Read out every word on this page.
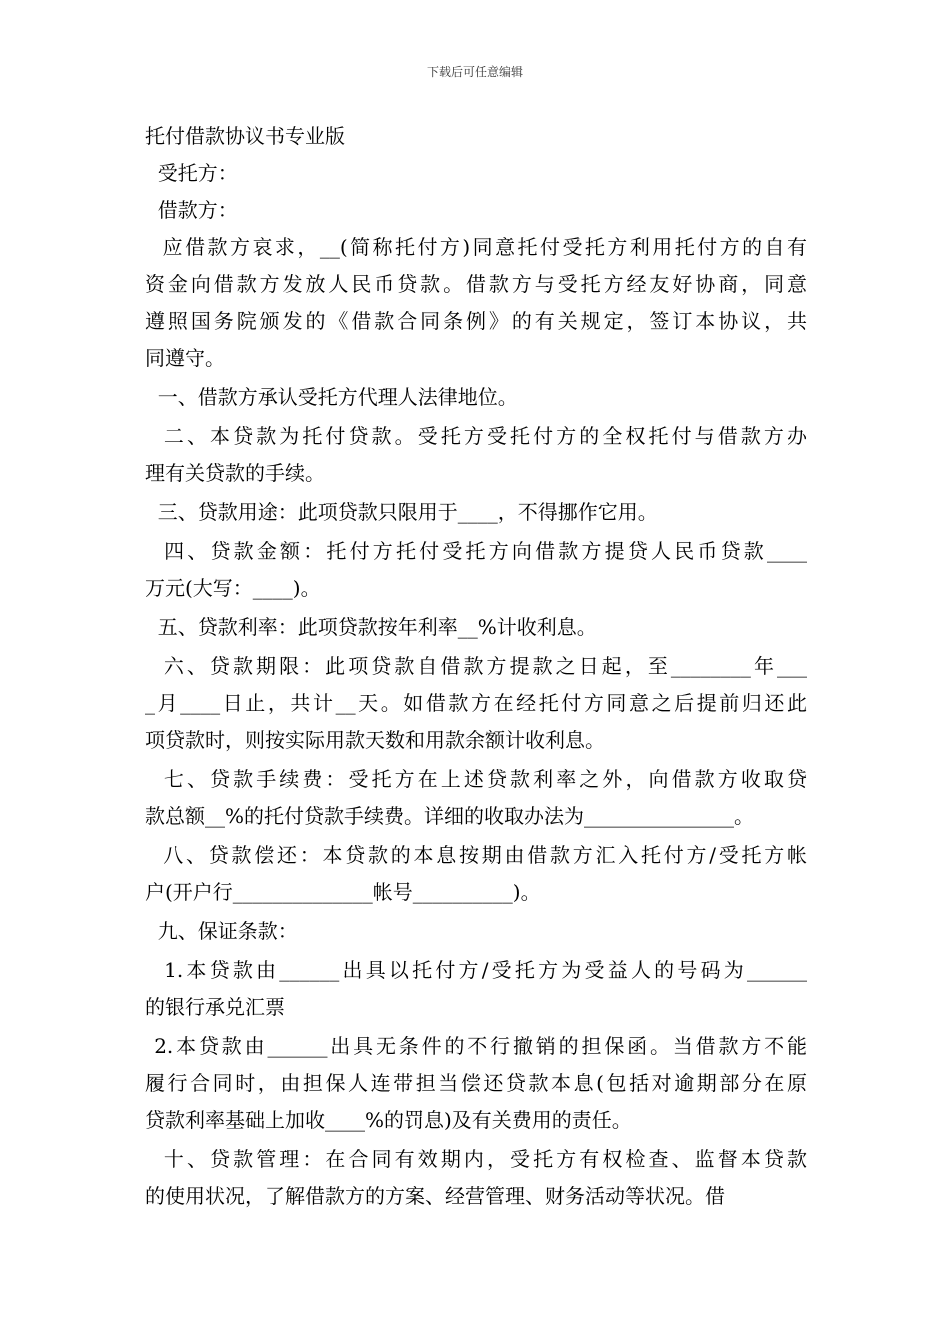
下载后可任意编辑
托付借款协议书专业版
受托方：
借款方：
应借款方哀求，__(简称托付方)同意托付受托方利用托付方的自有
资金向借款方发放人民币贷款。借款方与受托方经友好协商，同意
遵照国务院颁发的《借款合同条例》的有关规定，签订本协议，共
同遵守。
一、借款方承认受托方代理人法律地位。
二、本贷款为托付贷款。受托方受托付方的全权托付与借款方办
理有关贷款的手续。
三、贷款用途：此项贷款只限用于____，不得挪作它用。
四、贷款金额：托付方托付受托方向借款方提贷人民币贷款____
万元(大写：____)。
五、贷款利率：此项贷款按年利率__%计收利息。
六、贷款期限：此项贷款自借款方提款之日起，至________年___
_月____日止，共计__天。如借款方在经托付方同意之后提前归还此
项贷款时，则按实际用款天数和用款余额计收利息。
七、贷款手续费：受托方在上述贷款利率之外，向借款方收取贷
款总额__%的托付贷款手续费。详细的收取办法为_______________。
八、贷款偿还：本贷款的本息按期由借款方汇入托付方/受托方帐
户(开户行______________帐号__________)。
九、保证条款：
1.本贷款由______出具以托付方/受托方为受益人的号码为______
的银行承兑汇票
2.本贷款由______出具无条件的不行撤销的担保函。当借款方不能
履行合同时，由担保人连带担当偿还贷款本息(包括对逾期部分在原
贷款利率基础上加收____%的罚息)及有关费用的责任。
十、贷款管理：在合同有效期内，受托方有权检查、监督本贷款
的使用状况，了解借款方的方案、经营管理、财务活动等状况。借
